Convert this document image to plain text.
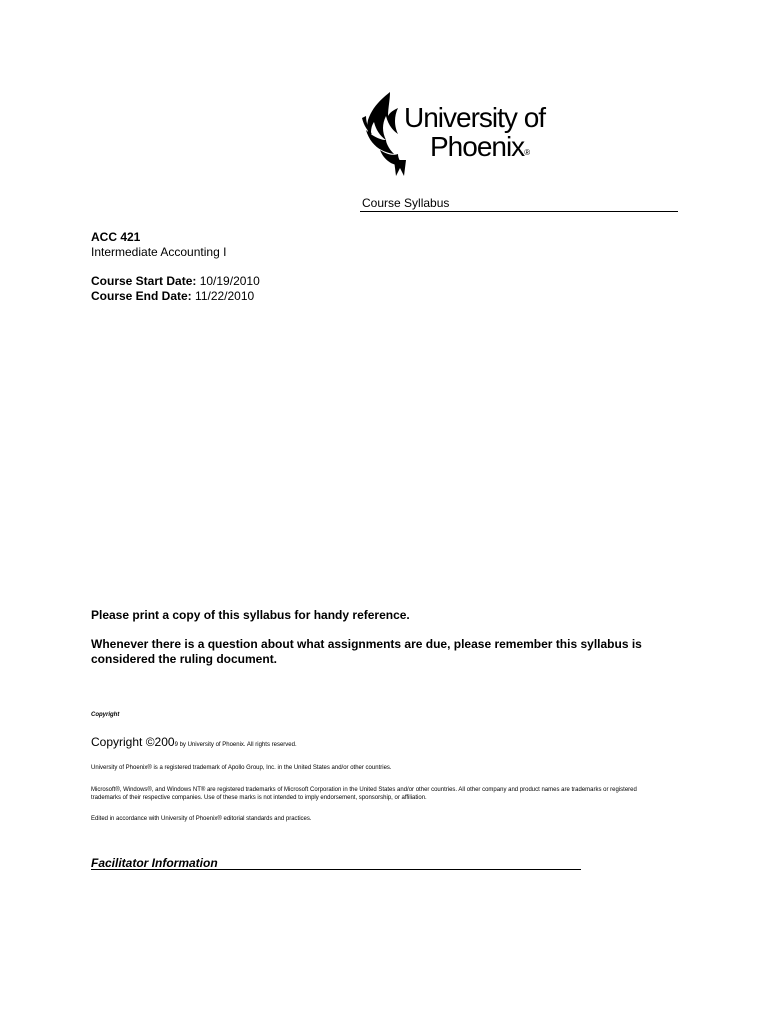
University of
Phoenix®
Course Syllabus
ACC 421
Intermediate Accounting I
Course Start Date: 10/19/2010
Course End Date: 11/22/2010
Please print a copy of this syllabus for handy reference.
Whenever there is a question about what assignments are due, please remember this syllabus is considered the ruling document.
Copyright
Copyright ©2009 by University of Phoenix. All rights reserved.
University of Phoenix® is a registered trademark of Apollo Group, Inc. in the United States and/or other countries.
Microsoft®, Windows®, and Windows NT® are registered trademarks of Microsoft Corporation in the United States and/or other countries. All other company and product names are trademarks or registered trademarks of their respective companies. Use of these marks is not intended to imply endorsement, sponsorship, or affiliation.
Edited in accordance with University of Phoenix® editorial standards and practices.
Facilitator Information
